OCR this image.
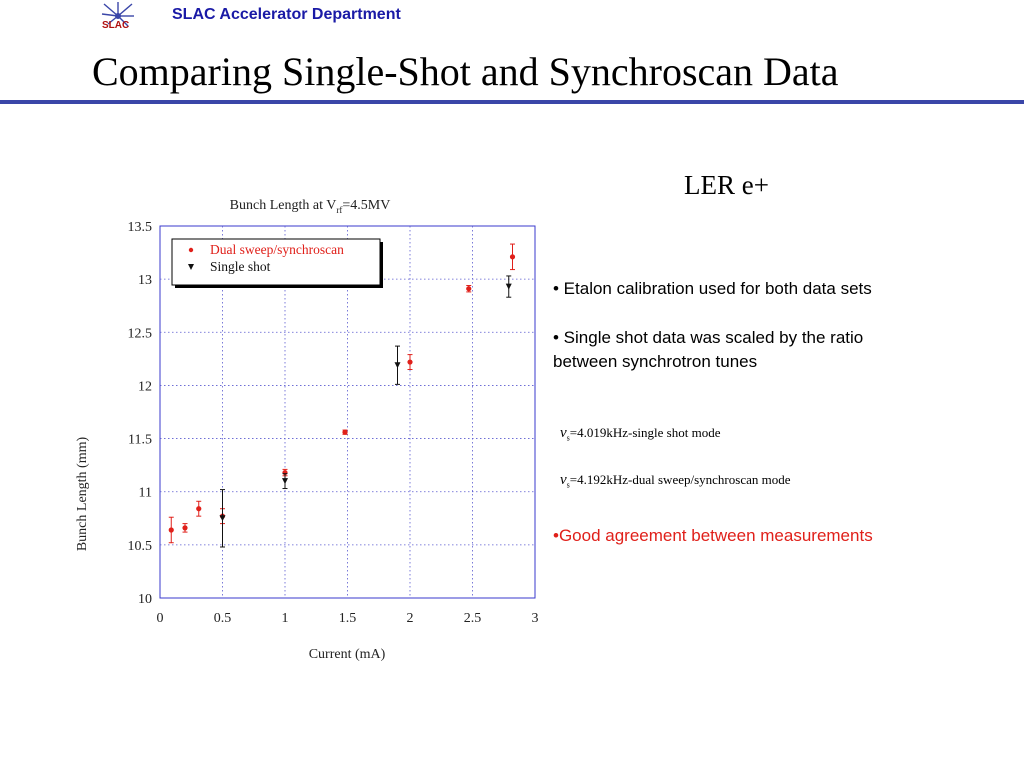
SLAC
SLAC Accelerator Department
Comparing Single-Shot and Synchroscan Data
LER e+
• Etalon calibration used for both data sets
• Single shot data was scaled by the ratio
between synchrotron tunes
$\nu_s=4.019kHz$-single shot mode
$\nu_s=4.192kHz$-dual sweep/synchroscan mode
•Good agreement between measurements
Bunch Length at $V_{rf}=4.5MV$
0	0.5	1	1.5	2	2.5	3
10
10.5
11
11.5
12
12.5
13
13.5
Dual sweep/synchroscan
Single shot
Current (mA)
Bunch Length (mm)
